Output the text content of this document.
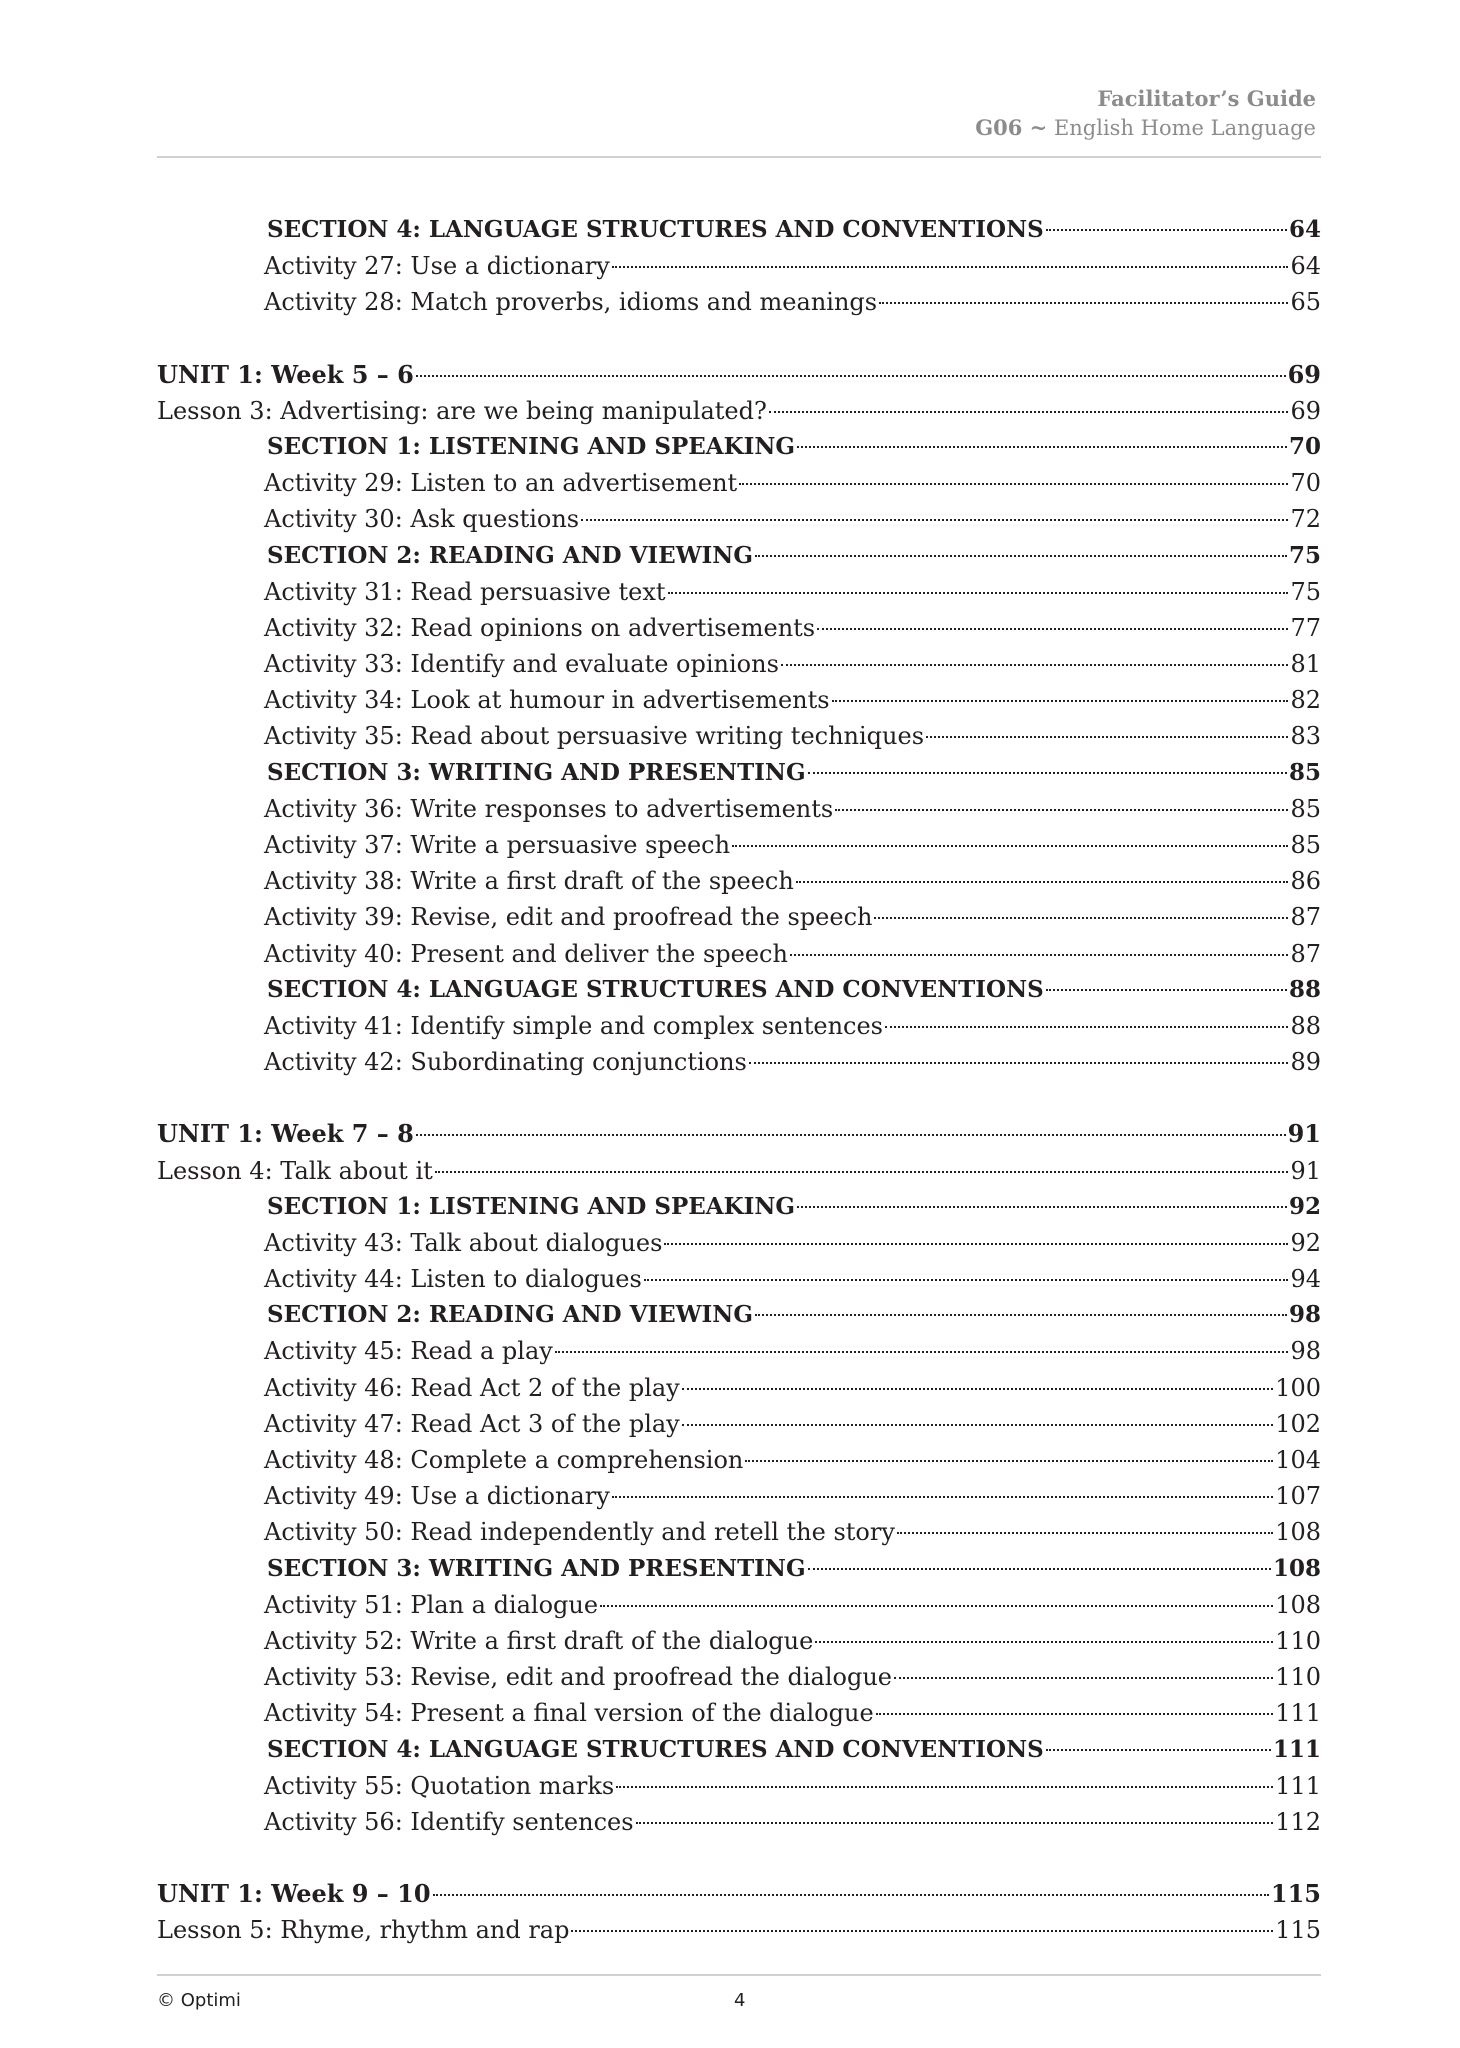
Facilitator’s Guide
G06 ~ English Home Language
SECTION 4: LANGUAGE STRUCTURES AND CONVENTIONS	64
Activity 27: Use a dictionary	64
Activity 28: Match proverbs, idioms and meanings	65
UNIT 1: Week 5 – 6	69
Lesson 3: Advertising: are we being manipulated?	69
SECTION 1: LISTENING AND SPEAKING	70
Activity 29: Listen to an advertisement	70
Activity 30: Ask questions	72
SECTION 2: READING AND VIEWING	75
Activity 31: Read persuasive text	75
Activity 32: Read opinions on advertisements	77
Activity 33: Identify and evaluate opinions	81
Activity 34: Look at humour in advertisements	82
Activity 35: Read about persuasive writing techniques	83
SECTION 3: WRITING AND PRESENTING	85
Activity 36: Write responses to advertisements	85
Activity 37: Write a persuasive speech	85
Activity 38: Write a first draft of the speech	86
Activity 39: Revise, edit and proofread the speech	87
Activity 40: Present and deliver the speech	87
SECTION 4: LANGUAGE STRUCTURES AND CONVENTIONS	88
Activity 41: Identify simple and complex sentences	88
Activity 42: Subordinating conjunctions	89
UNIT 1: Week 7 – 8	91
Lesson 4: Talk about it	91
SECTION 1: LISTENING AND SPEAKING	92
Activity 43: Talk about dialogues	92
Activity 44: Listen to dialogues	94
SECTION 2: READING AND VIEWING	98
Activity 45: Read a play	98
Activity 46: Read Act 2 of the play	100
Activity 47: Read Act 3 of the play	102
Activity 48: Complete a comprehension	104
Activity 49: Use a dictionary	107
Activity 50: Read independently and retell the story	108
SECTION 3: WRITING AND PRESENTING	108
Activity 51: Plan a dialogue	108
Activity 52: Write a first draft of the dialogue	110
Activity 53: Revise, edit and proofread the dialogue	110
Activity 54: Present a final version of the dialogue	111
SECTION 4: LANGUAGE STRUCTURES AND CONVENTIONS	111
Activity 55: Quotation marks	111
Activity 56: Identify sentences	112
UNIT 1: Week 9 – 10	115
Lesson 5: Rhyme, rhythm and rap	115
© Optimi	4
